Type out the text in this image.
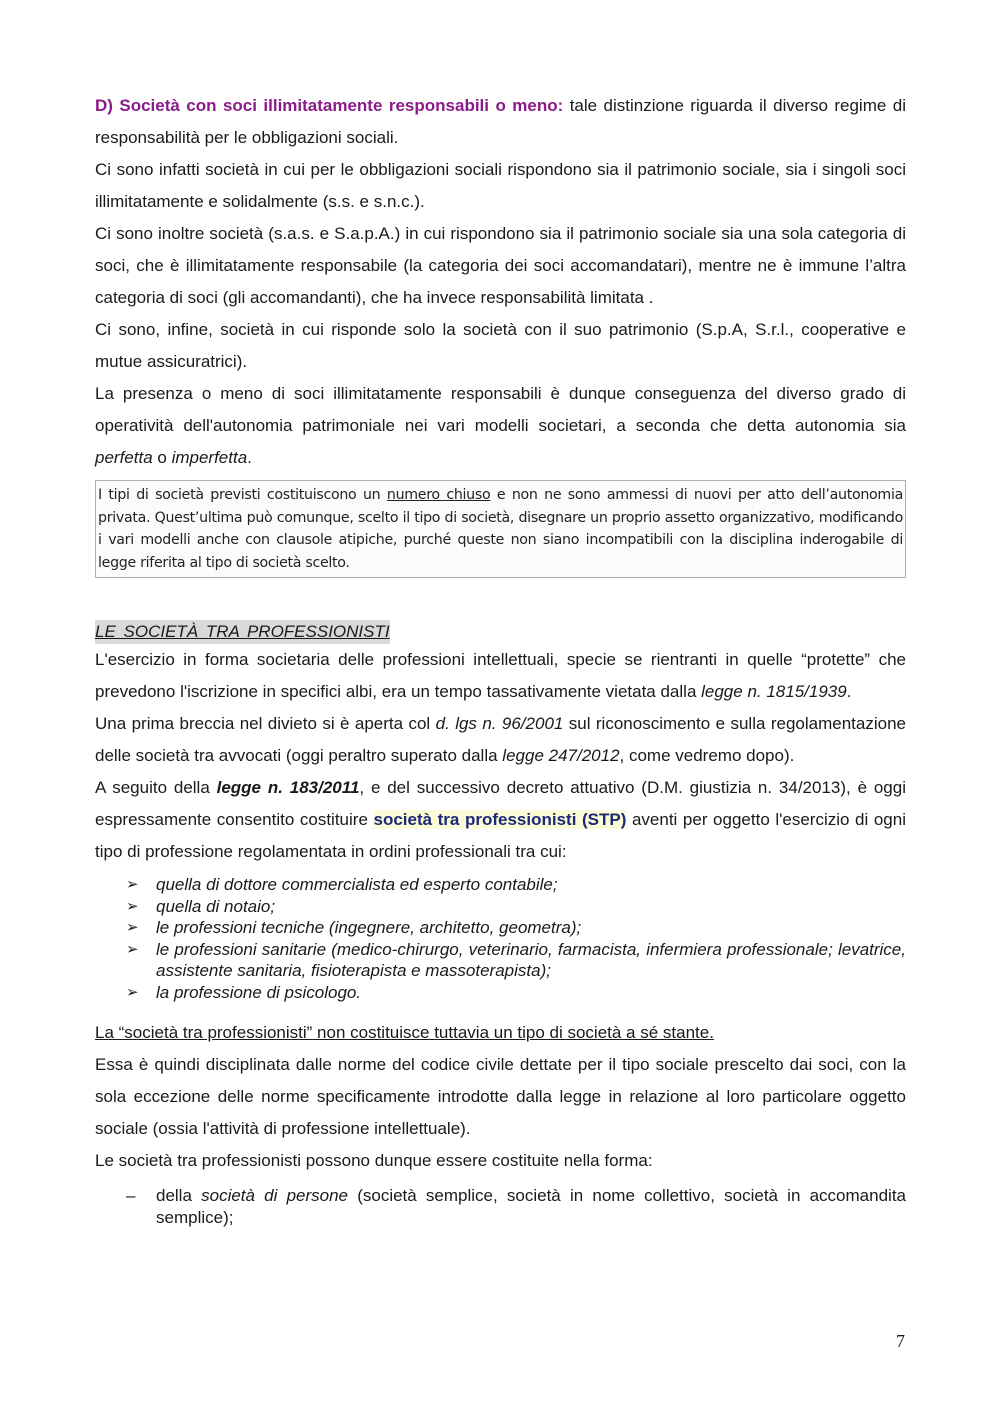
D) Società con soci illimitatamente responsabili o meno: tale distinzione riguarda il diverso regime di responsabilità per le obbligazioni sociali.

Ci sono infatti società in cui per le obbligazioni sociali rispondono sia il patrimonio sociale, sia i singoli soci illimitatamente e solidalmente (s.s. e s.n.c.).

Ci sono inoltre società (s.a.s. e S.a.p.A.) in cui rispondono sia il patrimonio sociale sia una sola categoria di soci, che è illimitatamente responsabile (la categoria dei soci accomandatari), mentre ne è immune l’altra categoria di soci (gli accomandanti), che ha invece responsabilità limitata .

Ci sono, infine, società in cui risponde solo la società con il suo patrimonio (S.p.A, S.r.l., cooperative e mutue assicuratrici).

La presenza o meno di soci illimitatamente responsabili è dunque conseguenza del diverso grado di operatività dell'autonomia patrimoniale nei vari modelli societari, a seconda che detta autonomia sia perfetta o imperfetta.

I tipi di società previsti costituiscono un numero chiuso e non ne sono ammessi di nuovi per atto dell’autonomia privata. Quest’ultima può comunque, scelto il tipo di società, disegnare un proprio assetto organizzativo, modificando i vari modelli anche con clausole atipiche, purché queste non siano incompatibili con la disciplina inderogabile di legge riferita al tipo di società scelto.
LE SOCIETÀ TRA PROFESSIONISTI

L'esercizio in forma societaria delle professioni intellettuali, specie se rientranti in quelle “protette” che prevedono l'iscrizione in specifici albi, era un tempo tassativamente vietata dalla legge n. 1815/1939.

Una prima breccia nel divieto si è aperta col d. lgs n. 96/2001 sul riconoscimento e sulla regolamentazione delle società tra avvocati (oggi peraltro superato dalla legge 247/2012, come vedremo dopo).

A seguito della legge n. 183/2011, e del successivo decreto attuativo (D.M. giustizia n. 34/2013), è oggi espressamente consentito costituire società tra professionisti (STP) aventi per oggetto l'esercizio di ogni tipo di professione regolamentata in ordini professionali tra cui:

➢ quella di dottore commercialista ed esperto contabile;
➢ quella di notaio;
➢ le professioni tecniche (ingegnere, architetto, geometra);
➢ le professioni sanitarie (medico-chirurgo, veterinario, farmacista, infermiera professionale; levatrice, assistente sanitaria, fisioterapista e massoterapista);
➢ la professione di psicologo.

La “società tra professionisti” non costituisce tuttavia un tipo di società a sé stante.

Essa è quindi disciplinata dalle norme del codice civile dettate per il tipo sociale prescelto dai soci, con la sola eccezione delle norme specificamente introdotte dalla legge in relazione al loro particolare oggetto sociale (ossia l'attività di professione intellettuale).

Le società tra professionisti possono dunque essere costituite nella forma:

– della società di persone (società semplice, società in nome collettivo, società in accomandita semplice);
7
